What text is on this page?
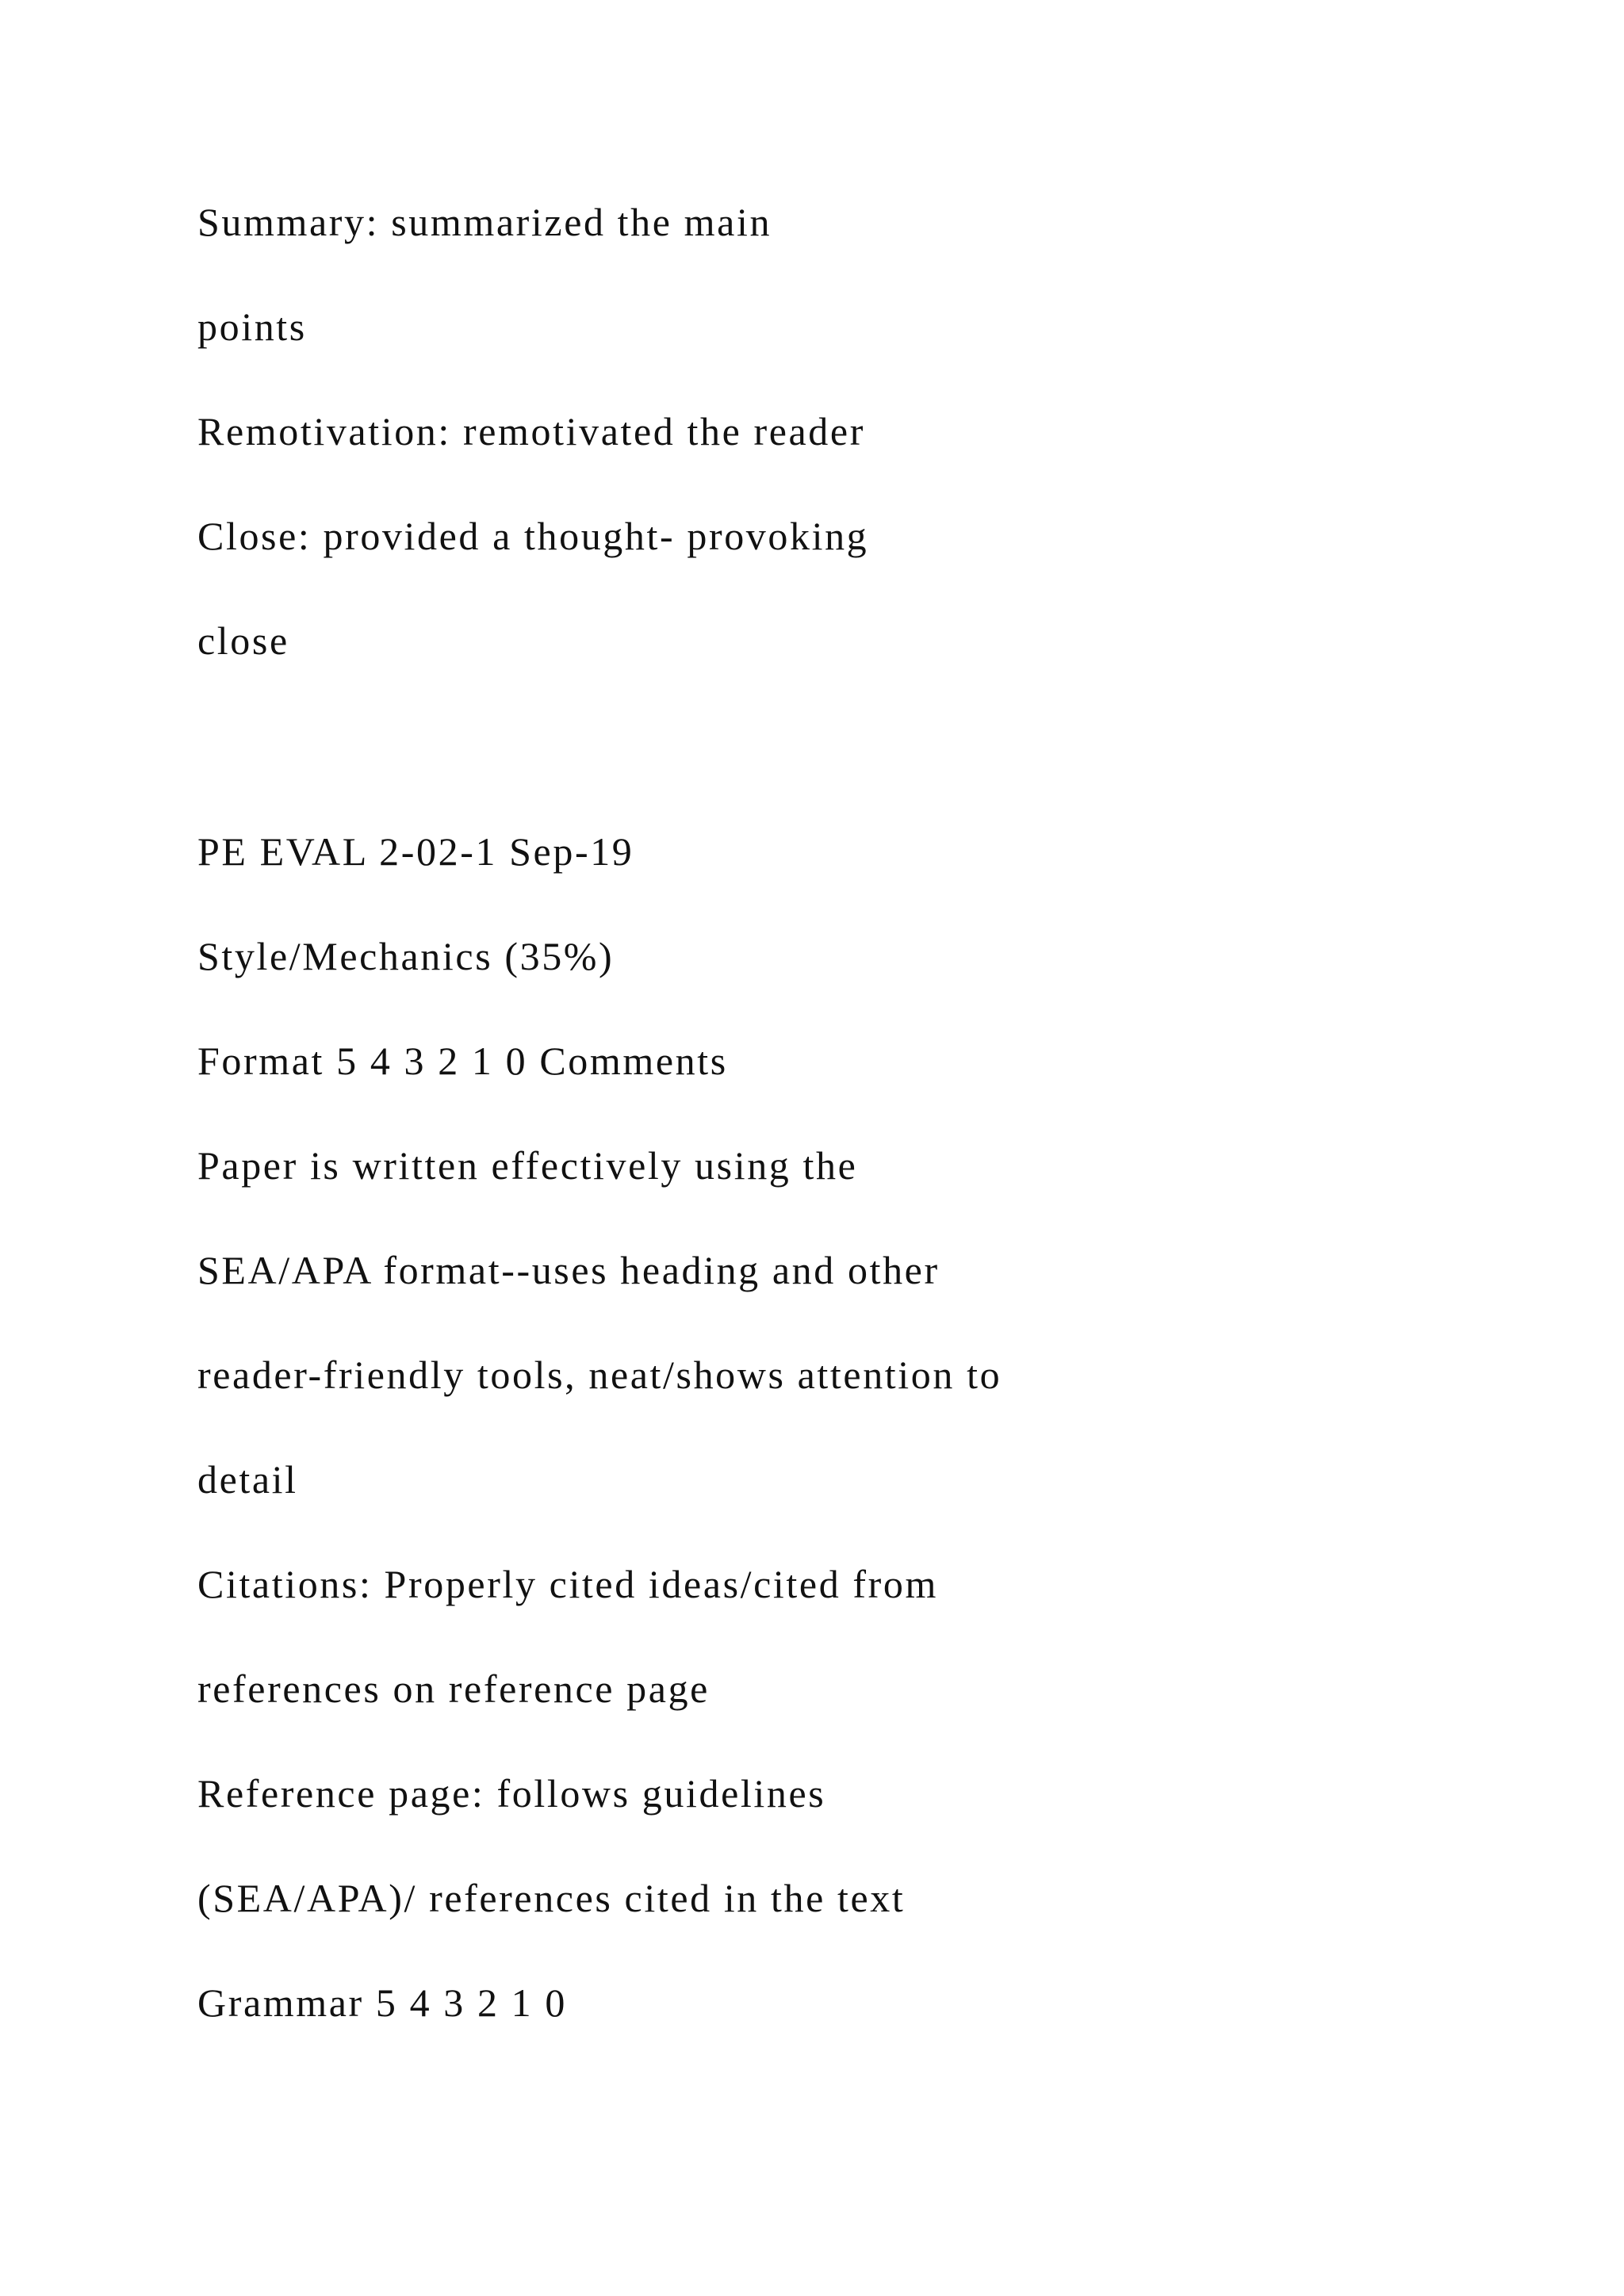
Summary: summarized the main
points
Remotivation: remotivated the reader
Close: provided a thought- provoking
close
PE EVAL 2-02-1 Sep-19
Style/Mechanics (35%)
Format 5 4 3 2 1 0 Comments
Paper is written effectively using the
SEA/APA format--uses heading and other
reader-friendly tools, neat/shows attention to
detail
Citations: Properly cited ideas/cited from
references on reference page
Reference page: follows guidelines
(SEA/APA)/ references cited in the text
Grammar 5 4 3 2 1 0
